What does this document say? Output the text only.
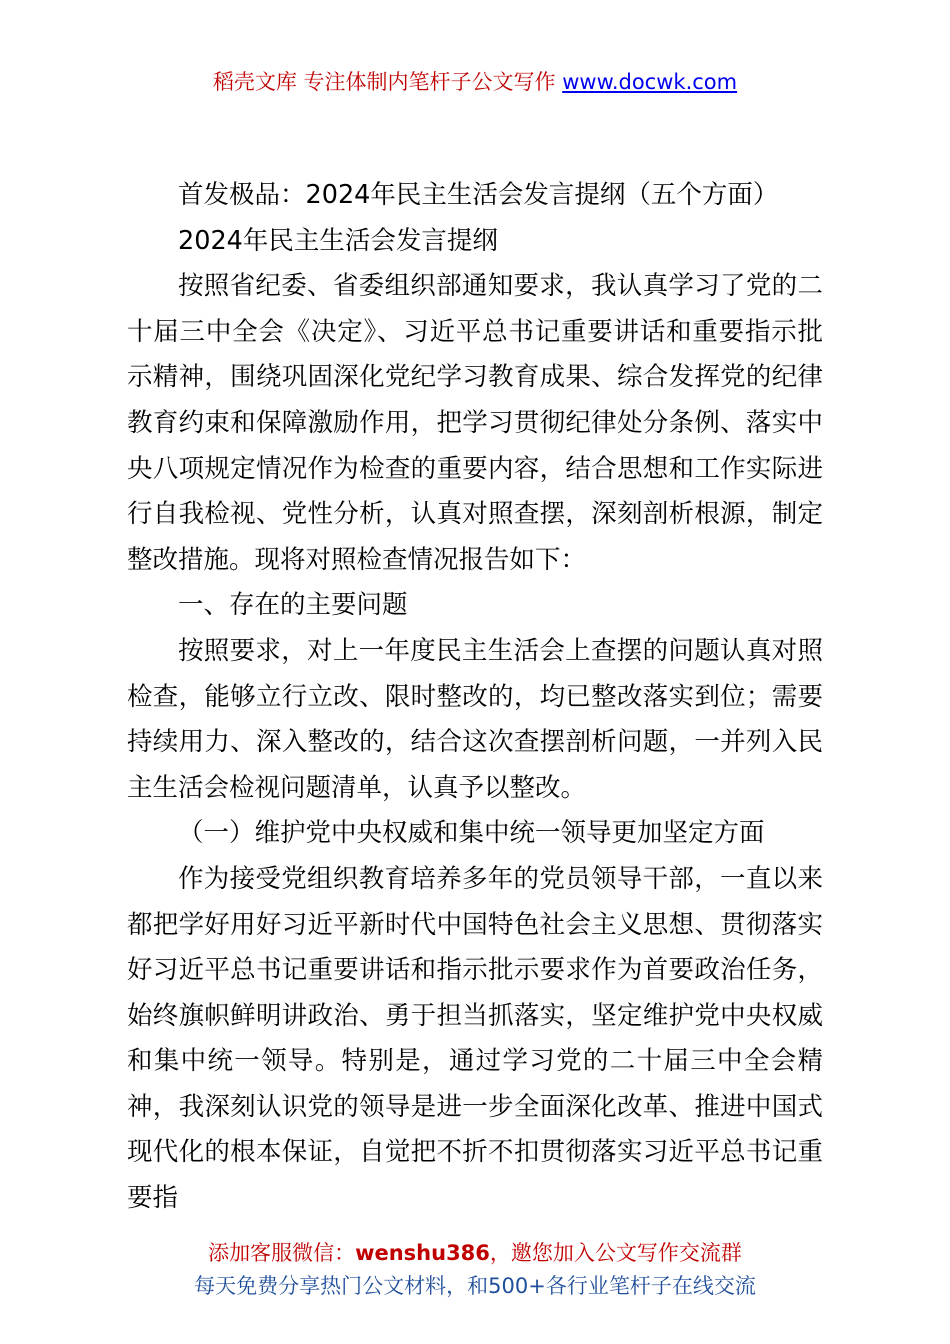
稻壳文库 专注体制内笔杆子公文写作 www.docwk.com

首发极品：2024年民主生活会发言提纲（五个方面）

2024年民主生活会发言提纲

按照省纪委、省委组织部通知要求，我认真学习了党的二十届三中全会《决定》、习近平总书记重要讲话和重要指示批示精神，围绕巩固深化党纪学习教育成果、综合发挥党的纪律教育约束和保障激励作用，把学习贯彻纪律处分条例、落实中央八项规定情况作为检查的重要内容，结合思想和工作实际进行自我检视、党性分析，认真对照查摆，深刻剖析根源，制定整改措施。现将对照检查情况报告如下：

一、存在的主要问题

按照要求，对上一年度民主生活会上查摆的问题认真对照检查，能够立行立改、限时整改的，均已整改落实到位；需要持续用力、深入整改的，结合这次查摆剖析问题，一并列入民主生活会检视问题清单，认真予以整改。

（一）维护党中央权威和集中统一领导更加坚定方面

作为接受党组织教育培养多年的党员领导干部，一直以来都把学好用好习近平新时代中国特色社会主义思想、贯彻落实好习近平总书记重要讲话和指示批示要求作为首要政治任务，始终旗帜鲜明讲政治、勇于担当抓落实，坚定维护党中央权威和集中统一领导。特别是，通过学习党的二十届三中全会精神，我深刻认识党的领导是进一步全面深化改革、推进中国式现代化的根本保证，自觉把不折不扣贯彻落实习近平总书记重要指

添加客服微信：wenshu386，邀您加入公文写作交流群
每天免费分享热门公文材料，和500+各行业笔杆子在线交流
